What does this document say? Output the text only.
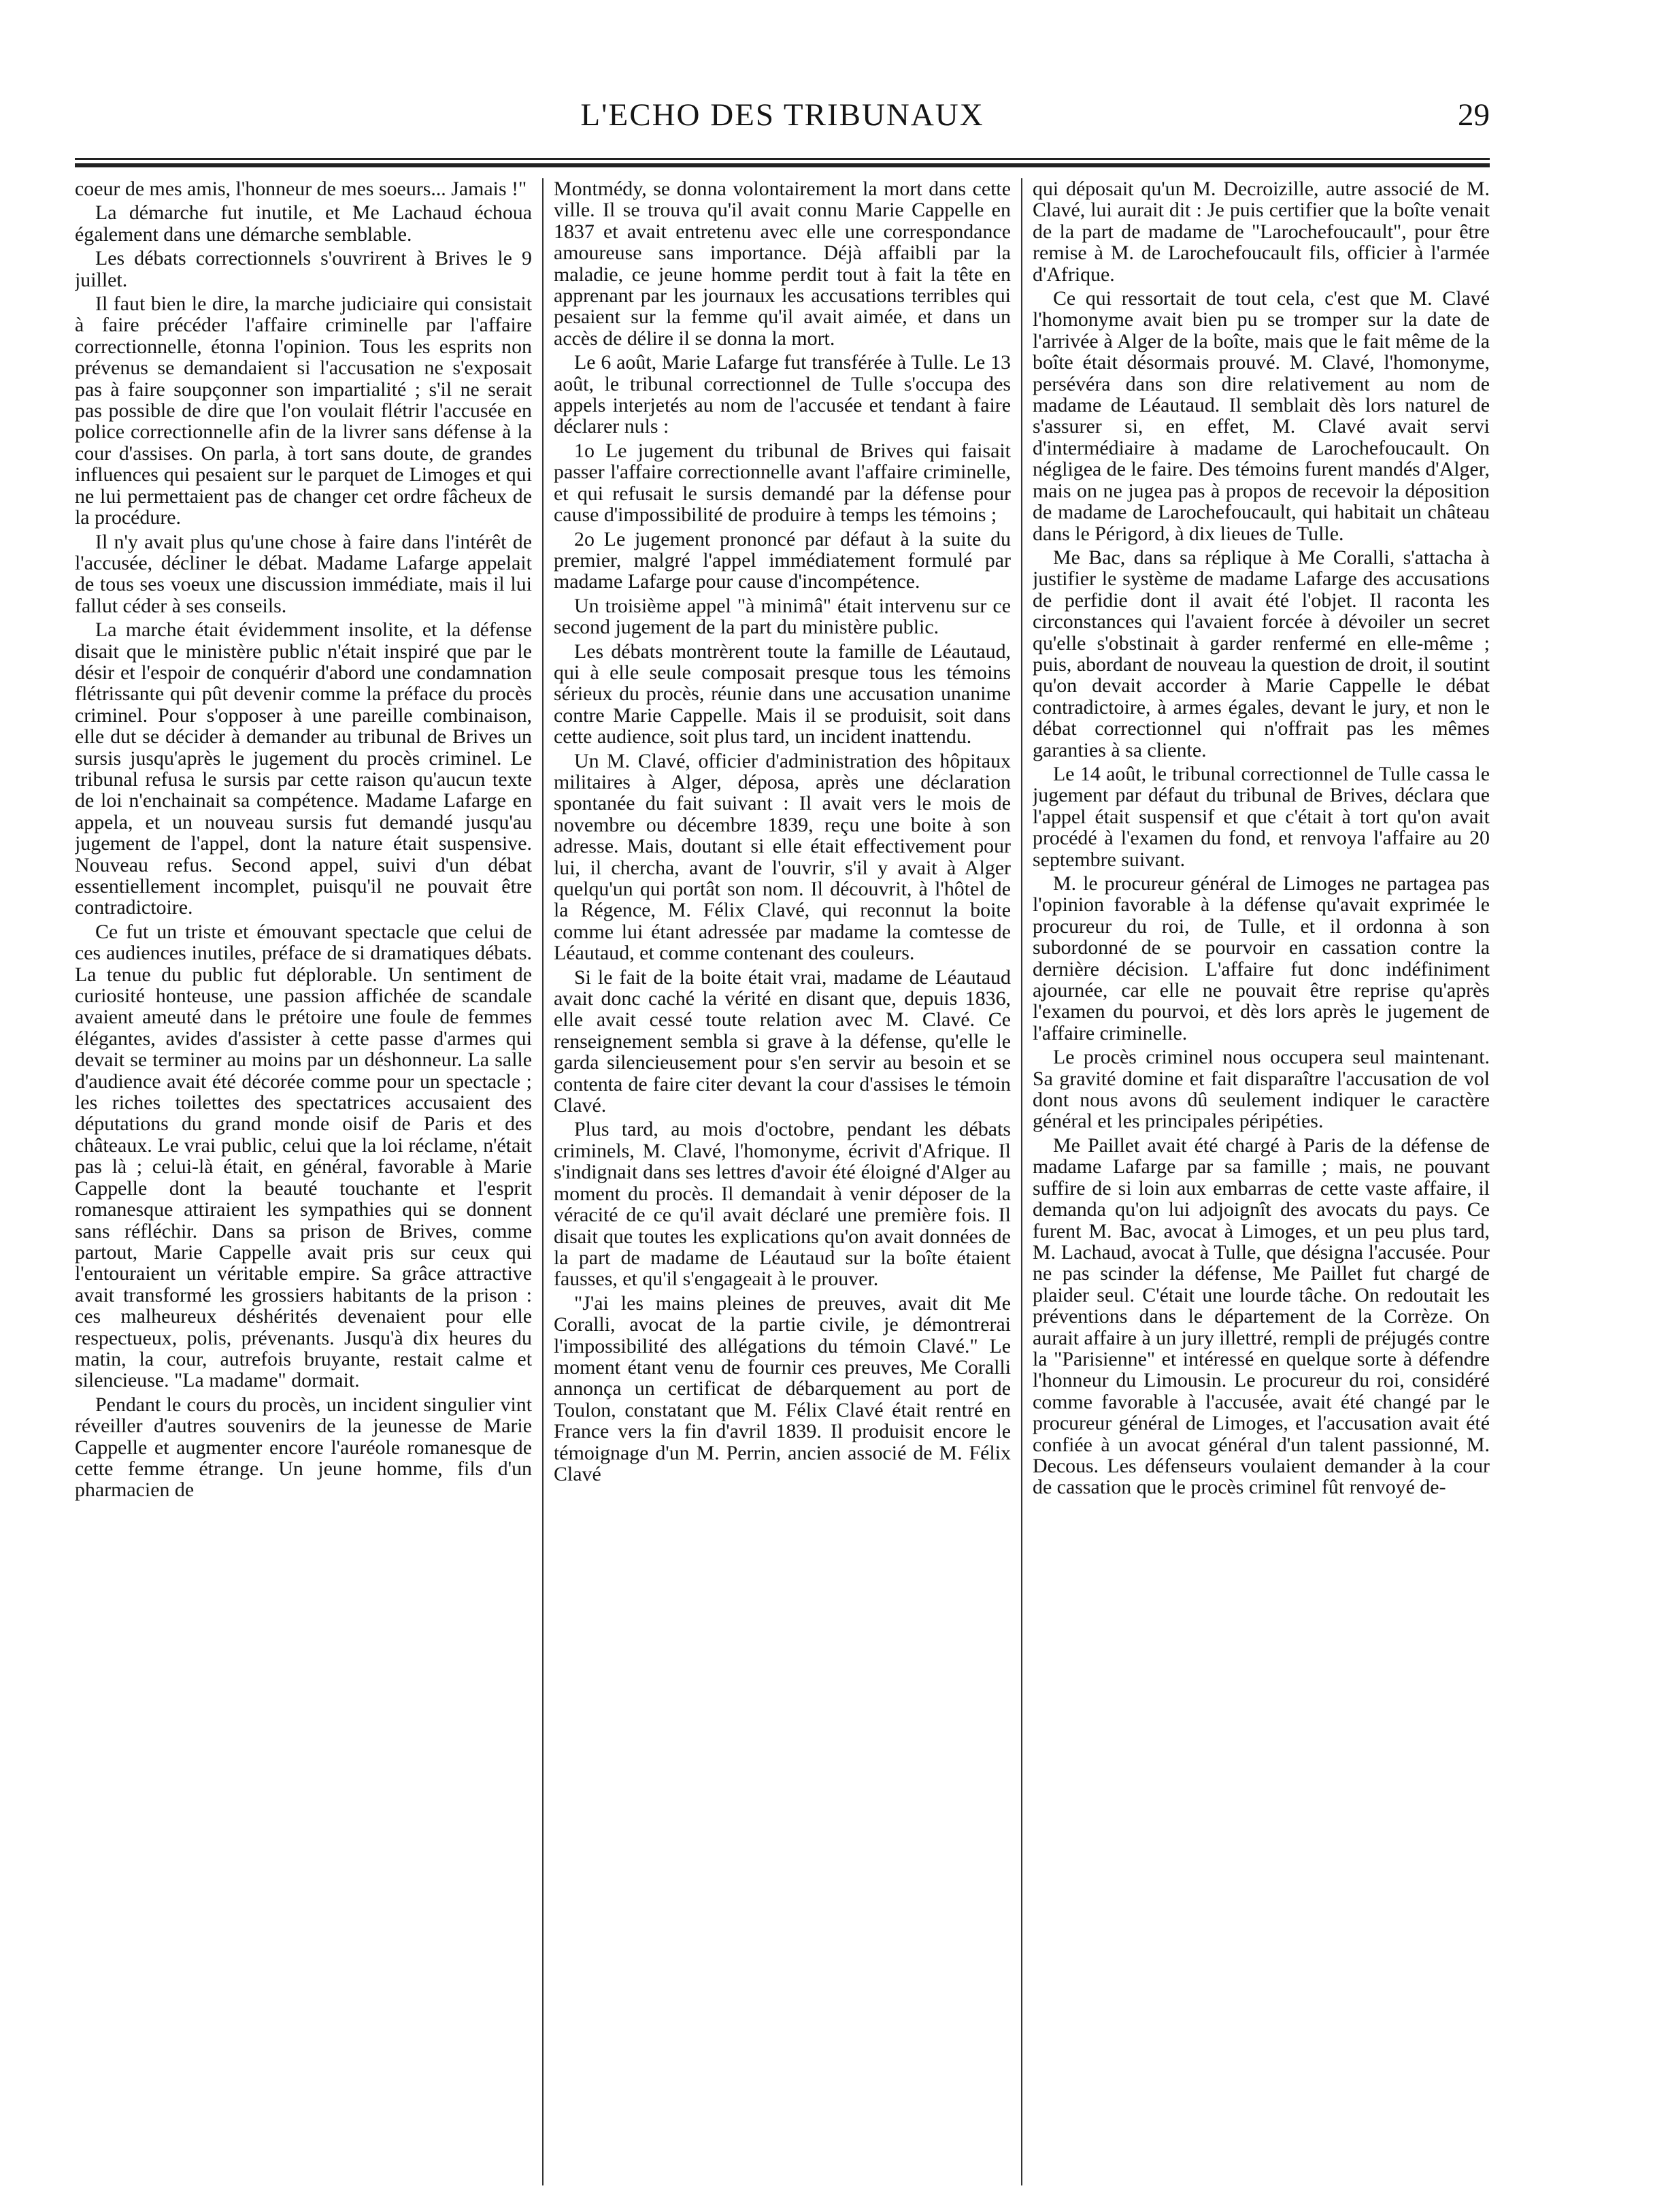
L'ECHO DES TRIBUNAUX	29

coeur de mes amis, l'honneur de mes soeurs... Jamais !"

La démarche fut inutile, et Me Lachaud échoua également dans une démarche semblable.

Les débats correctionnels s'ouvrirent à Brives le 9 juillet.

Il faut bien le dire, la marche judiciaire qui consistait à faire précéder l'affaire criminelle par l'affaire correctionnelle, étonna l'opinion. Tous les esprits non prévenus se demandaient si l'accusation ne s'exposait pas à faire soupçonner son impartialité ; s'il ne serait pas possible de dire que l'on voulait flétrir l'accusée en police correctionnelle afin de la livrer sans défense à la cour d'assises. On parla, à tort sans doute, de grandes influences qui pesaient sur le parquet de Limoges et qui ne lui permettaient pas de changer cet ordre fâcheux de la procédure.

Il n'y avait plus qu'une chose à faire dans l'intérêt de l'accusée, décliner le débat. Madame Lafarge appelait de tous ses voeux une discussion immédiate, mais il lui fallut céder à ses conseils.

La marche était évidemment insolite, et la défense disait que le ministère public n'était inspiré que par le désir et l'espoir de conquérir d'abord une condamnation flétrissante qui pût devenir comme la préface du procès criminel. Pour s'opposer à une pareille combinaison, elle dut se décider à demander au tribunal de Brives un sursis jusqu'après le jugement du procès criminel. Le tribunal refusa le sursis par cette raison qu'aucun texte de loi n'enchainait sa compétence. Madame Lafarge en appela, et un nouveau sursis fut demandé jusqu'au jugement de l'appel, dont la nature était suspensive. Nouveau refus. Second appel, suivi d'un débat essentiellement incomplet, puisqu'il ne pouvait être contradictoire.

Ce fut un triste et émouvant spectacle que celui de ces audiences inutiles, préface de si dramatiques débats. La tenue du public fut déplorable. Un sentiment de curiosité honteuse, une passion affichée de scandale avaient ameuté dans le prétoire une foule de femmes élégantes, avides d'assister à cette passe d'armes qui devait se terminer au moins par un déshonneur. La salle d'audience avait été décorée comme pour un spectacle ; les riches toilettes des spectatrices accusaient des députations du grand monde oisif de Paris et des châteaux. Le vrai public, celui que la loi réclame, n'était pas là ; celui-là était, en général, favorable à Marie Cappelle dont la beauté touchante et l'esprit romanesque attiraient les sympathies qui se donnent sans réfléchir. Dans sa prison de Brives, comme partout, Marie Cappelle avait pris sur ceux qui l'entouraient un véritable empire. Sa grâce attractive avait transformé les grossiers habitants de la prison : ces malheureux déshérités devenaient pour elle respectueux, polis, prévenants. Jusqu'à dix heures du matin, la cour, autrefois bruyante, restait calme et silencieuse. "La madame" dormait.

Pendant le cours du procès, un incident singulier vint réveiller d'autres souvenirs de la jeunesse de Marie Cappelle et augmenter encore l'auréole romanesque de cette femme étrange. Un jeune homme, fils d'un pharmacien de

Montmédy, se donna volontairement la mort dans cette ville. Il se trouva qu'il avait connu Marie Cappelle en 1837 et avait entretenu avec elle une correspondance amoureuse sans importance. Déjà affaibli par la maladie, ce jeune homme perdit tout à fait la tête en apprenant par les journaux les accusations terribles qui pesaient sur la femme qu'il avait aimée, et dans un accès de délire il se donna la mort.

Le 6 août, Marie Lafarge fut transférée à Tulle. Le 13 août, le tribunal correctionnel de Tulle s'occupa des appels interjetés au nom de l'accusée et tendant à faire déclarer nuls :

1o Le jugement du tribunal de Brives qui faisait passer l'affaire correctionnelle avant l'affaire criminelle, et qui refusait le sursis demandé par la défense pour cause d'impossibilité de produire à temps les témoins ;

2o Le jugement prononcé par défaut à la suite du premier, malgré l'appel immédiatement formulé par madame Lafarge pour cause d'incompétence.

Un troisième appel "à minimâ" était intervenu sur ce second jugement de la part du ministère public.

Les débats montrèrent toute la famille de Léautaud, qui à elle seule composait presque tous les témoins sérieux du procès, réunie dans une accusation unanime contre Marie Cappelle. Mais il se produisit, soit dans cette audience, soit plus tard, un incident inattendu.

Un M. Clavé, officier d'administration des hôpitaux militaires à Alger, déposa, après une déclaration spontanée du fait suivant : Il avait vers le mois de novembre ou décembre 1839, reçu une boite à son adresse. Mais, doutant si elle était effectivement pour lui, il chercha, avant de l'ouvrir, s'il y avait à Alger quelqu'un qui portât son nom. Il découvrit, à l'hôtel de la Régence, M. Félix Clavé, qui reconnut la boite comme lui étant adressée par madame la comtesse de Léautaud, et comme contenant des couleurs.

Si le fait de la boite était vrai, madame de Léautaud avait donc caché la vérité en disant que, depuis 1836, elle avait cessé toute relation avec M. Clavé. Ce renseignement sembla si grave à la défense, qu'elle le garda silencieusement pour s'en servir au besoin et se contenta de faire citer devant la cour d'assises le témoin Clavé.

Plus tard, au mois d'octobre, pendant les débats criminels, M. Clavé, l'homonyme, écrivit d'Afrique. Il s'indignait dans ses lettres d'avoir été éloigné d'Alger au moment du procès. Il demandait à venir déposer de la véracité de ce qu'il avait déclaré une première fois. Il disait que toutes les explications qu'on avait données de la part de madame de Léautaud sur la boîte étaient fausses, et qu'il s'engageait à le prouver.

"J'ai les mains pleines de preuves, avait dit Me Coralli, avocat de la partie civile, je démontrerai l'impossibilité des allégations du témoin Clavé." Le moment étant venu de fournir ces preuves, Me Coralli annonça un certificat de débarquement au port de Toulon, constatant que M. Félix Clavé était rentré en France vers la fin d'avril 1839. Il produisit encore le témoignage d'un M. Perrin, ancien associé de M. Félix Clavé

qui déposait qu'un M. Decroizille, autre associé de M. Clavé, lui aurait dit : Je puis certifier que la boîte venait de la part de madame de "Larochefoucault", pour être remise à M. de Larochefoucault fils, officier à l'armée d'Afrique.

Ce qui ressortait de tout cela, c'est que M. Clavé l'homonyme avait bien pu se tromper sur la date de l'arrivée à Alger de la boîte, mais que le fait même de la boîte était désormais prouvé. M. Clavé, l'homonyme, persévéra dans son dire relativement au nom de madame de Léautaud. Il semblait dès lors naturel de s'assurer si, en effet, M. Clavé avait servi d'intermédiaire à madame de Larochefoucault. On négligea de le faire. Des témoins furent mandés d'Alger, mais on ne jugea pas à propos de recevoir la déposition de madame de Larochefoucault, qui habitait un château dans le Périgord, à dix lieues de Tulle.

Me Bac, dans sa réplique à Me Coralli, s'attacha à justifier le système de madame Lafarge des accusations de perfidie dont il avait été l'objet. Il raconta les circonstances qui l'avaient forcée à dévoiler un secret qu'elle s'obstinait à garder renfermé en elle-même ; puis, abordant de nouveau la question de droit, il soutint qu'on devait accorder à Marie Cappelle le débat contradictoire, à armes égales, devant le jury, et non le débat correctionnel qui n'offrait pas les mêmes garanties à sa cliente.

Le 14 août, le tribunal correctionnel de Tulle cassa le jugement par défaut du tribunal de Brives, déclara que l'appel était suspensif et que c'était à tort qu'on avait procédé à l'examen du fond, et renvoya l'affaire au 20 septembre suivant.

M. le procureur général de Limoges ne partagea pas l'opinion favorable à la défense qu'avait exprimée le procureur du roi, de Tulle, et il ordonna à son subordonné de se pourvoir en cassation contre la dernière décision. L'affaire fut donc indéfiniment ajournée, car elle ne pouvait être reprise qu'après l'examen du pourvoi, et dès lors après le jugement de l'affaire criminelle.

Le procès criminel nous occupera seul maintenant. Sa gravité domine et fait disparaître l'accusation de vol dont nous avons dû seulement indiquer le caractère général et les principales péripéties.

Me Paillet avait été chargé à Paris de la défense de madame Lafarge par sa famille ; mais, ne pouvant suffire de si loin aux embarras de cette vaste affaire, il demanda qu'on lui adjoignît des avocats du pays. Ce furent M. Bac, avocat à Limoges, et un peu plus tard, M. Lachaud, avocat à Tulle, que désigna l'accusée. Pour ne pas scinder la défense, Me Paillet fut chargé de plaider seul. C'était une lourde tâche. On redoutait les préventions dans le département de la Corrèze. On aurait affaire à un jury illettré, rempli de préjugés contre la "Parisienne" et intéressé en quelque sorte à défendre l'honneur du Limousin. Le procureur du roi, considéré comme favorable à l'accusée, avait été changé par le procureur général de Limoges, et l'accusation avait été confiée à un avocat général d'un talent passionné, M. Decous. Les défenseurs voulaient demander à la cour de cassation que le procès criminel fût renvoyé de-
